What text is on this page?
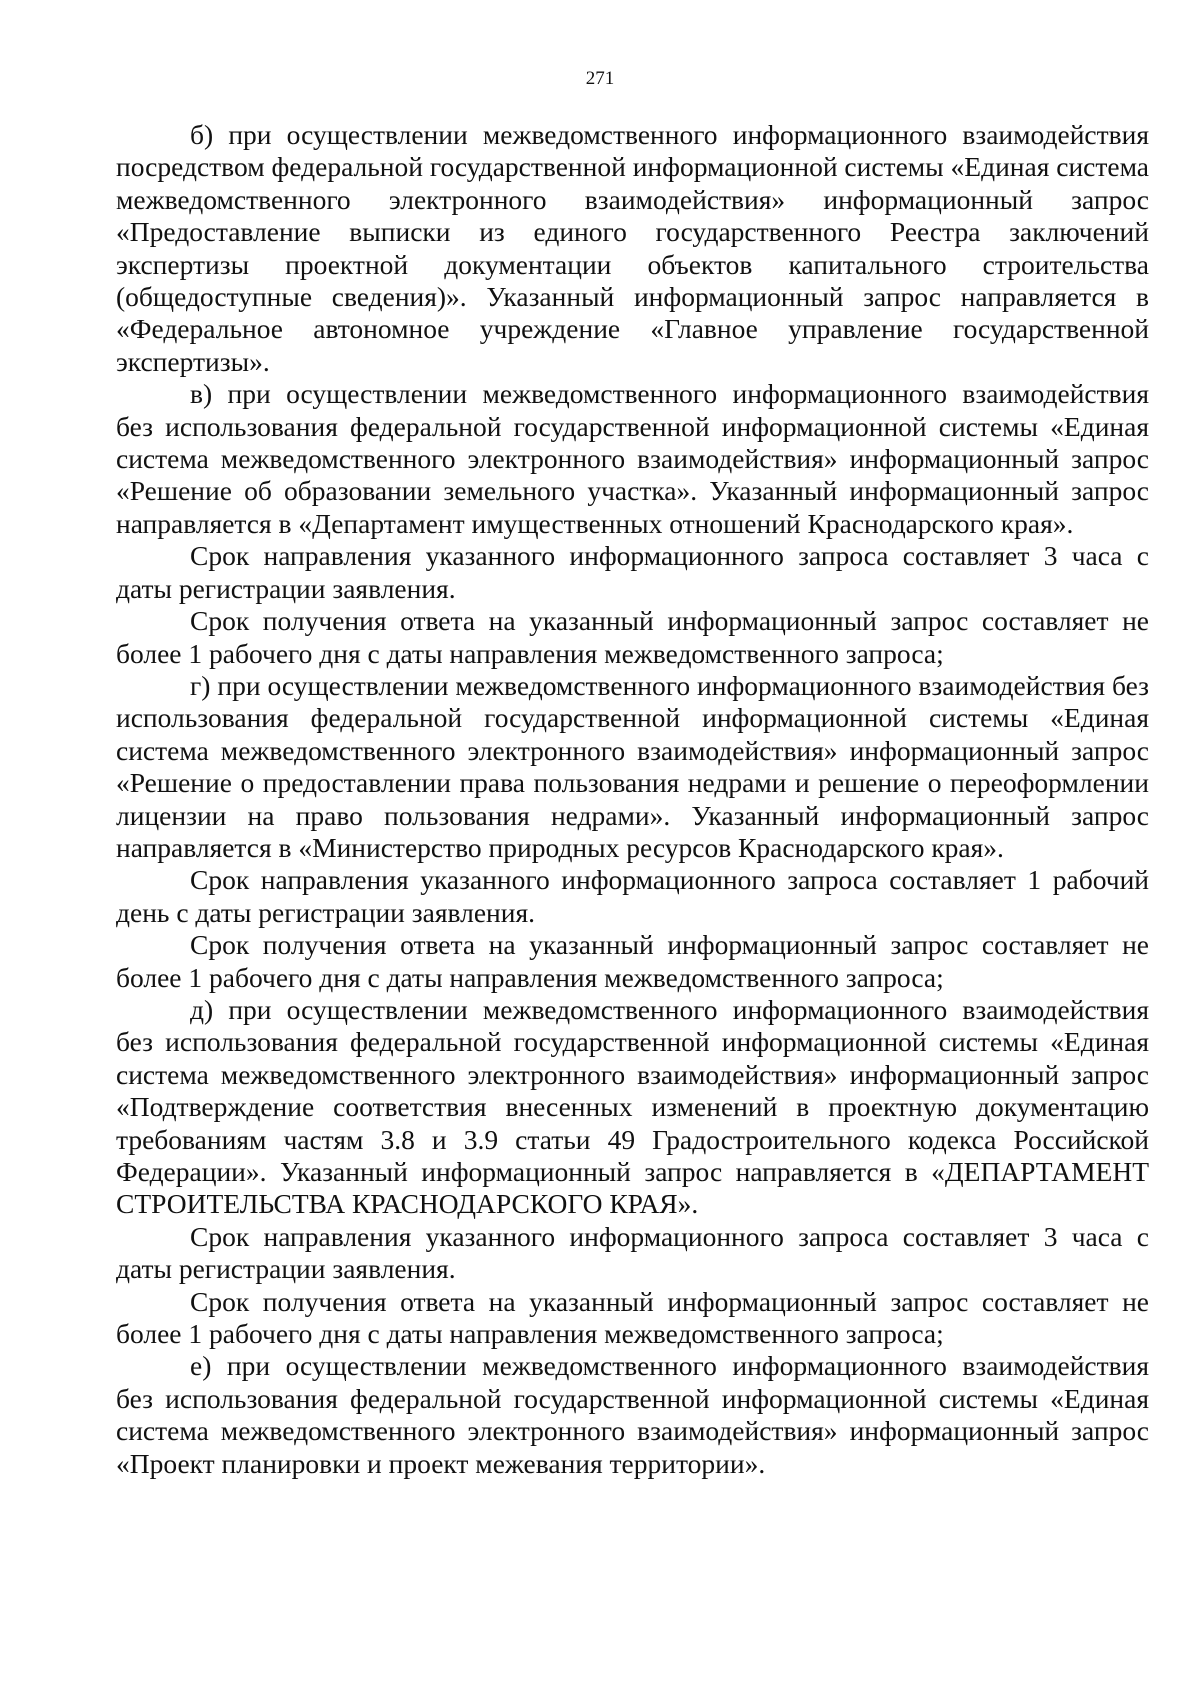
271

б) при осуществлении межведомственного информационного взаимодействия посредством федеральной государственной информационной системы «Единая система межведомственного электронного взаимодействия» информационный запрос «Предоставление выписки из единого государственного Реестра заключений экспертизы проектной документации объектов капитального строительства (общедоступные сведения)». Указанный информационный запрос направляется в «Федеральное автономное учреждение «Главное управление государственной экспертизы».

в) при осуществлении межведомственного информационного взаимодействия без использования федеральной государственной информационной системы «Единая система межведомственного электронного взаимодействия» информационный запрос «Решение об образовании земельного участка». Указанный информационный запрос направляется в «Департамент имущественных отношений Краснодарского края».

Срок направления указанного информационного запроса составляет 3 часа с даты регистрации заявления.

Срок получения ответа на указанный информационный запрос составляет не более 1 рабочего дня с даты направления межведомственного запроса;

г) при осуществлении межведомственного информационного взаимодействия без использования федеральной государственной информационной системы «Единая система межведомственного электронного взаимодействия» информационный запрос «Решение о предоставлении права пользования недрами и решение о переоформлении лицензии на право пользования недрами». Указанный информационный запрос направляется в «Министерство природных ресурсов Краснодарского края».

Срок направления указанного информационного запроса составляет 1 рабочий день с даты регистрации заявления.

Срок получения ответа на указанный информационный запрос составляет не более 1 рабочего дня с даты направления межведомственного запроса;

д) при осуществлении межведомственного информационного взаимодействия без использования федеральной государственной информационной системы «Единая система межведомственного электронного взаимодействия» информационный запрос «Подтверждение соответствия внесенных изменений в проектную документацию требованиям частям 3.8 и 3.9 статьи 49 Градостроительного кодекса Российской Федерации». Указанный информационный запрос направляется в «ДЕПАРТАМЕНТ СТРОИТЕЛЬСТВА КРАСНОДАРСКОГО КРАЯ».

Срок направления указанного информационного запроса составляет 3 часа с даты регистрации заявления.

Срок получения ответа на указанный информационный запрос составляет не более 1 рабочего дня с даты направления межведомственного запроса;

е) при осуществлении межведомственного информационного взаимодействия без использования федеральной государственной информационной системы «Единая система межведомственного электронного взаимодействия» информационный запрос «Проект планировки и проект межевания территории».
